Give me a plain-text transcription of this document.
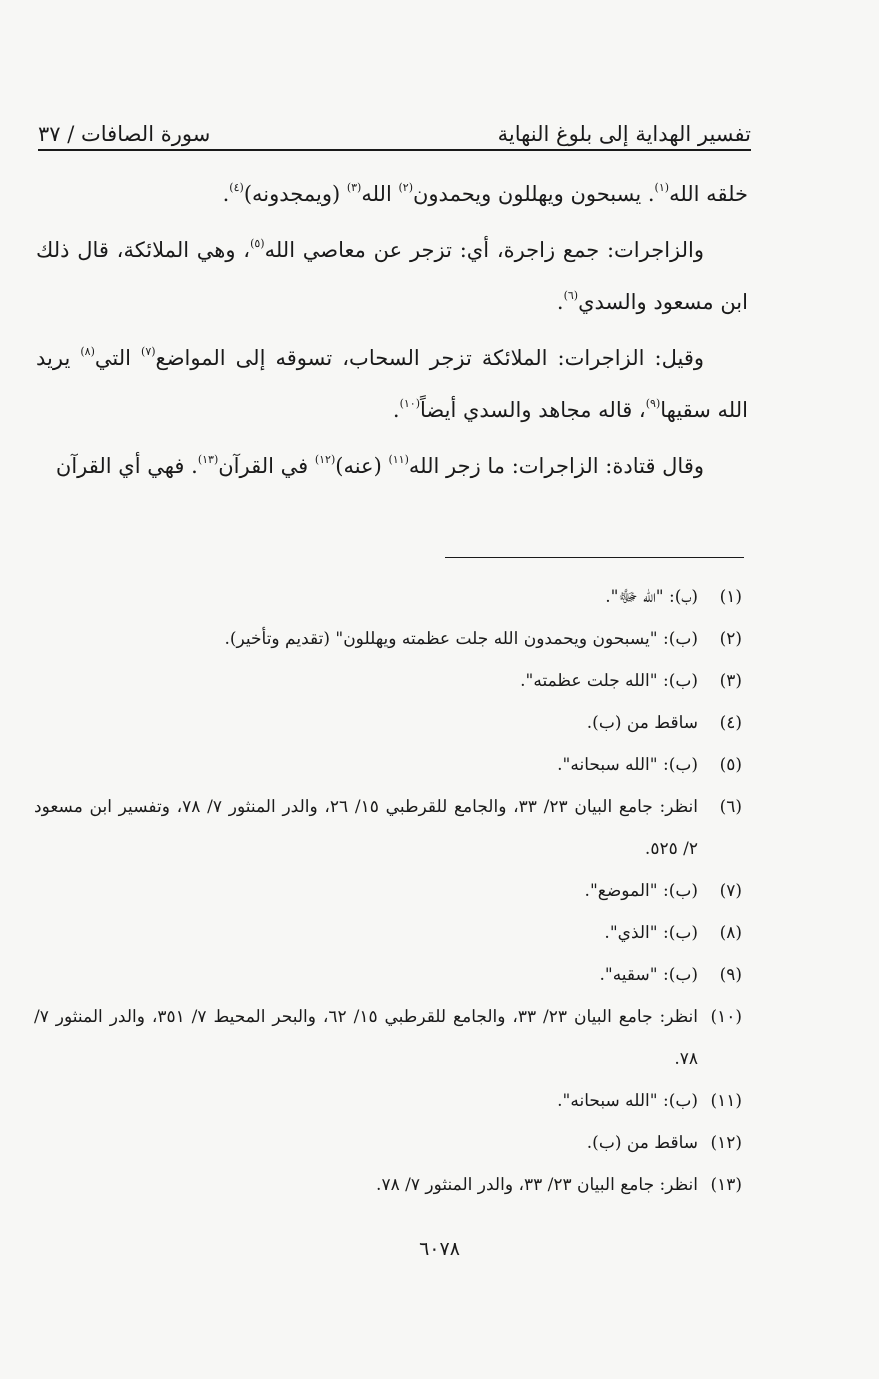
تفسير الهداية إلى بلوغ النهاية
سورة الصافات / ٣٧

خلقه الله$^{(١)}$. يسبحون ويهللون ويحمدون$^{(٢)}$ الله$^{(٣)}$ (ويمجدونه)$^{(٤)}$.

والزاجرات: جمع زاجرة، أي: تزجر عن معاصي الله$^{(٥)}$، وهي الملائكة، قال ذلك ابن مسعود والسدي$^{(٦)}$.

وقيل: الزاجرات: الملائكة تزجر السحاب، تسوقه إلى المواضع$^{(٧)}$ التي$^{(٨)}$ يريد الله سقيها$^{(٩)}$، قاله مجاهد والسدي أيضاً$^{(١٠)}$.

وقال قتادة: الزاجرات: ما زجر الله$^{(١١)}$ (عنه)$^{(١٢)}$ في القرآن$^{(١٣)}$. فهي أي القرآن

(١)
(ب): "الله ﷻ".
(٢)
(ب): "يسبحون ويحمدون الله جلت عظمته ويهللون" (تقديم وتأخير).
(٣)
(ب): "الله جلت عظمته".
(٤)
ساقط من (ب).
(٥)
(ب): "الله سبحانه".
(٦)
انظر: جامع البيان ٢٣/ ٣٣، والجامع للقرطبي ١٥/ ٢٦، والدر المنثور ٧/ ٧٨، وتفسير ابن مسعود ٢/ ٥٢٥.
(٧)
(ب): "الموضع".
(٨)
(ب): "الذي".
(٩)
(ب): "سقيه".
(١٠)
انظر: جامع البيان ٢٣/ ٣٣، والجامع للقرطبي ١٥/ ٦٢، والبحر المحيط ٧/ ٣٥١، والدر المنثور ٧/ ٧٨.
(١١)
(ب): "الله سبحانه".
(١٢)
ساقط من (ب).
(١٣)
انظر: جامع البيان ٢٣/ ٣٣، والدر المنثور ٧/ ٧٨.
٦٠٧٨
